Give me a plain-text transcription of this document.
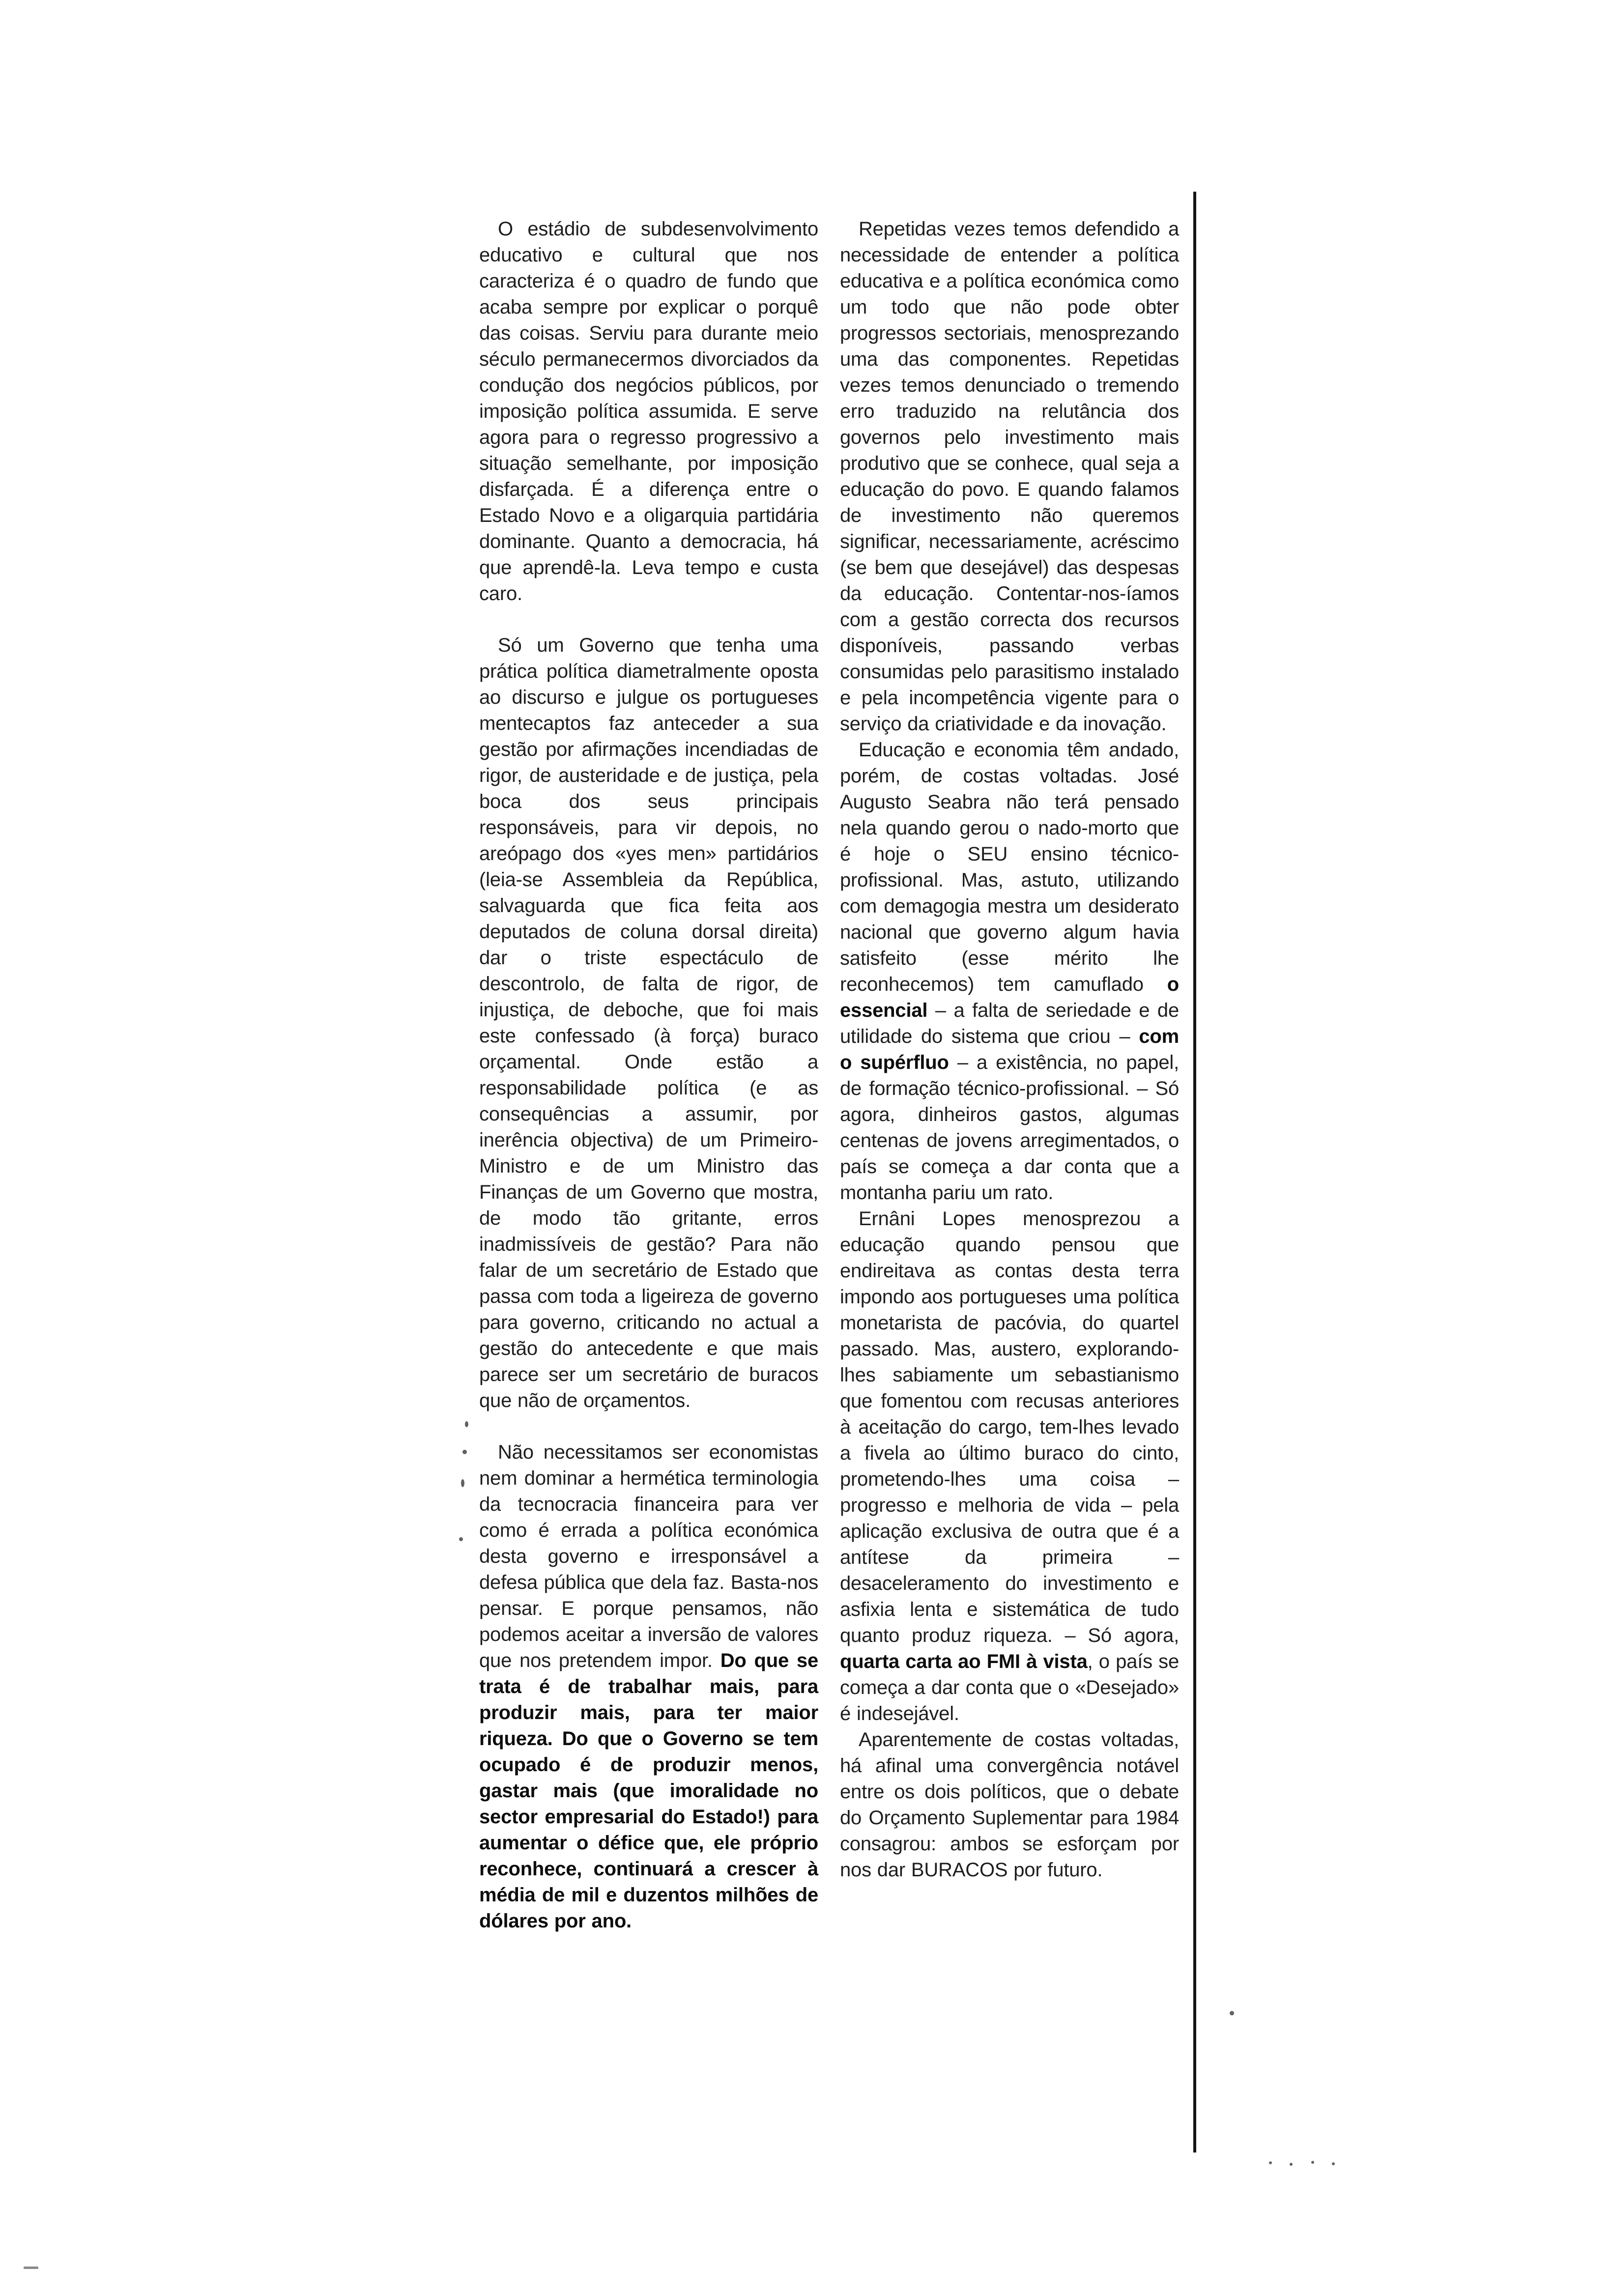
O estádio de subdesenvolvimento educativo e cultural que nos caracteriza é o quadro de fundo que acaba sempre por explicar o porquê das coisas. Serviu para durante meio século permanecermos divorciados da condução dos negócios públicos, por imposição política assumida. E serve agora para o regresso progressivo a situação semelhante, por imposição disfarçada. É a diferença entre o Estado Novo e a oligarquia partidária dominante. Quanto a democracia, há que aprendê-la. Leva tempo e custa caro.

Só um Governo que tenha uma prática política diametralmente oposta ao discurso e julgue os portugueses mentecaptos faz anteceder a sua gestão por afirmações incendiadas de rigor, de austeridade e de justiça, pela boca dos seus principais responsáveis, para vir depois, no areópago dos «yes men» partidários (leia-se Assembleia da República, salvaguarda que fica feita aos deputados de coluna dorsal direita) dar o triste espectáculo de descontrolo, de falta de rigor, de injustiça, de deboche, que foi mais este confessado (à força) buraco orçamental. Onde estão a responsabilidade política (e as consequências a assumir, por inerência objectiva) de um Primeiro-Ministro e de um Ministro das Finanças de um Governo que mostra, de modo tão gritante, erros inadmissíveis de gestão? Para não falar de um secretário de Estado que passa com toda a ligeireza de governo para governo, criticando no actual a gestão do antecedente e que mais parece ser um secretário de buracos que não de orçamentos.

Não necessitamos ser economistas nem dominar a hermética terminologia da tecnocracia financeira para ver como é errada a política económica desta governo e irresponsável a defesa pública que dela faz. Basta-nos pensar. E porque pensamos, não podemos aceitar a inversão de valores que nos pretendem impor. Do que se trata é de trabalhar mais, para produzir mais, para ter maior riqueza. Do que o Governo se tem ocupado é de produzir menos, gastar mais (que imoralidade no sector empresarial do Estado!) para aumentar o défice que, ele próprio reconhece, continuará a crescer à média de mil e duzentos milhões de dólares por ano.

Repetidas vezes temos defendido a necessidade de entender a política educativa e a política económica como um todo que não pode obter progressos sectoriais, menosprezando uma das componentes. Repetidas vezes temos denunciado o tremendo erro traduzido na relutância dos governos pelo investimento mais produtivo que se conhece, qual seja a educação do povo. E quando falamos de investimento não queremos significar, necessariamente, acréscimo (se bem que desejável) das despesas da educação. Contentar-nos-íamos com a gestão correcta dos recursos disponíveis, passando verbas consumidas pelo parasitismo instalado e pela incompetência vigente para o serviço da criatividade e da inovação.

Educação e economia têm andado, porém, de costas voltadas. José Augusto Seabra não terá pensado nela quando gerou o nado-morto que é hoje o SEU ensino técnico-profissional. Mas, astuto, utilizando com demagogia mestra um desiderato nacional que governo algum havia satisfeito (esse mérito lhe reconhecemos) tem camuflado o essencial – a falta de seriedade e de utilidade do sistema que criou – com o supérfluo – a existência, no papel, de formação técnico-profissional. – Só agora, dinheiros gastos, algumas centenas de jovens arregimentados, o país se começa a dar conta que a montanha pariu um rato.

Ernâni Lopes menosprezou a educação quando pensou que endireitava as contas desta terra impondo aos portugueses uma política monetarista de pacóvia, do quartel passado. Mas, austero, explorando-lhes sabiamente um sebastianismo que fomentou com recusas anteriores à aceitação do cargo, tem-lhes levado a fivela ao último buraco do cinto, prometendo-lhes uma coisa – progresso e melhoria de vida – pela aplicação exclusiva de outra que é a antítese da primeira – desaceleramento do investimento e asfixia lenta e sistemática de tudo quanto produz riqueza. – Só agora, quarta carta ao FMI à vista, o país se começa a dar conta que o «Desejado» é indesejável.

Aparentemente de costas voltadas, há afinal uma convergência notável entre os dois políticos, que o debate do Orçamento Suplementar para 1984 consagrou: ambos se esforçam por nos dar BURACOS por futuro.
